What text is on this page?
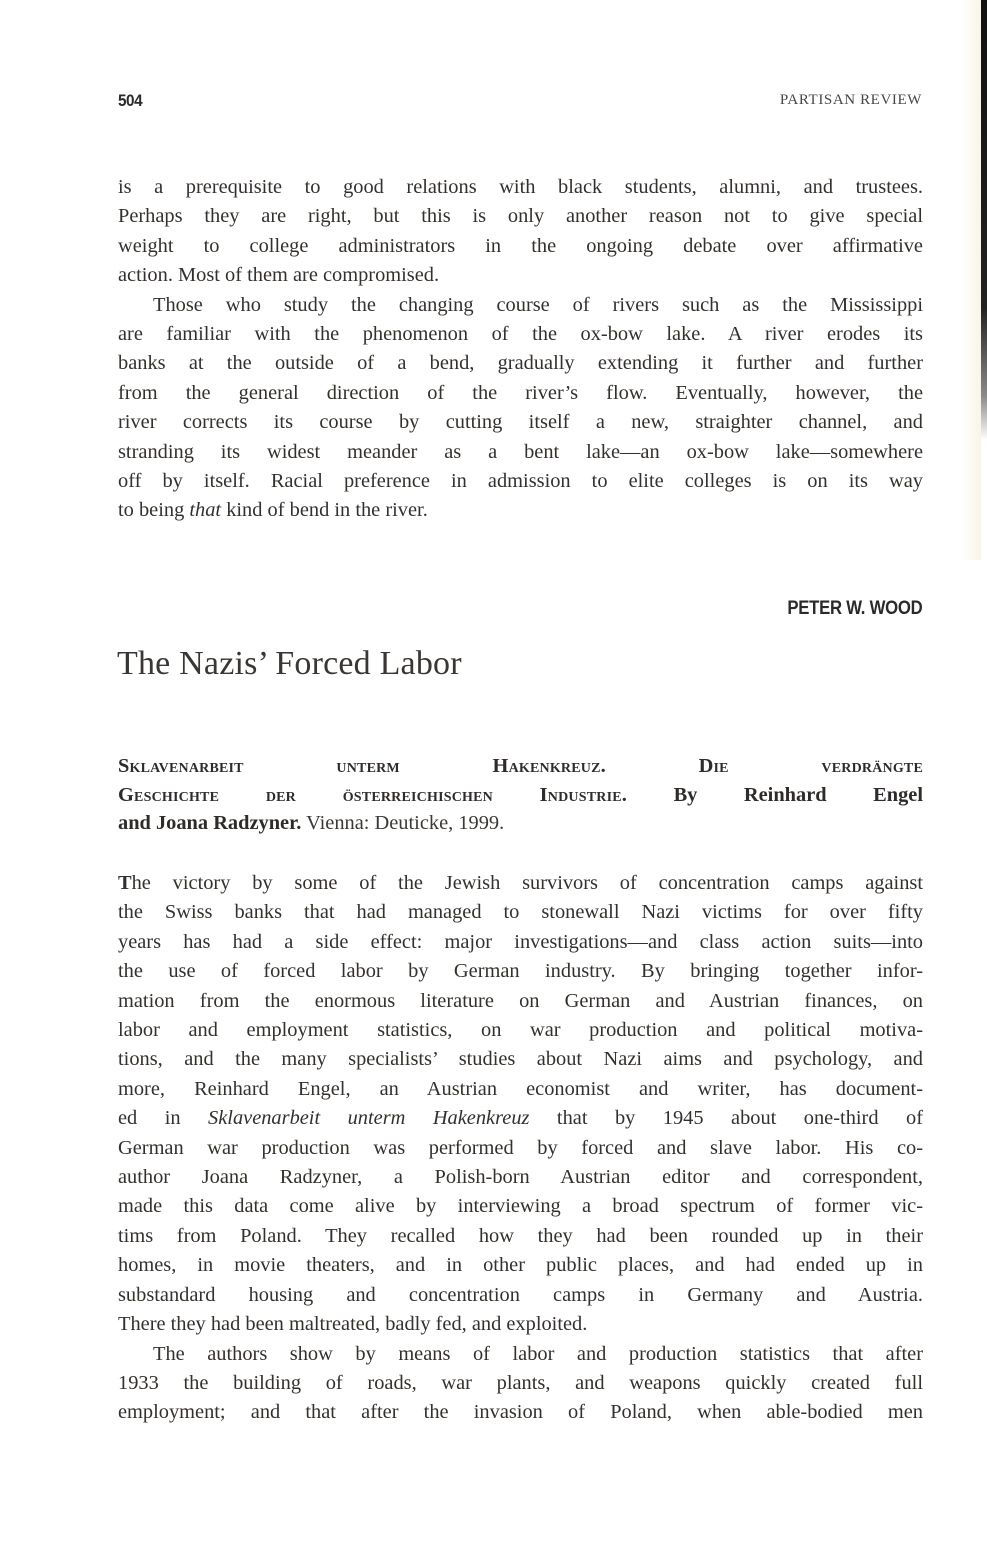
504	PARTISAN REVIEW

is a prerequisite to good relations with black students, alumni, and trustees.
Perhaps they are right, but this is only another reason not to give special
weight to college administrators in the ongoing debate over affirmative
action. Most of them are compromised.

Those who study the changing course of rivers such as the Mississippi
are familiar with the phenomenon of the ox-bow lake. A river erodes its
banks at the outside of a bend, gradually extending it further and further
from the general direction of the river’s flow. Eventually, however, the
river corrects its course by cutting itself a new, straighter channel, and
stranding its widest meander as a bent lake—an ox-bow lake—somewhere
off by itself. Racial preference in admission to elite colleges is on its way
to being that kind of bend in the river.

PETER W. WOOD
The Nazis’ Forced Labor
Sklavenarbeit	unterm	Hakenkreuz.	Die	verdrängte
Geschichte der österreichischen Industrie. By Reinhard Engel
and Joana Radzyner. Vienna: Deuticke, 1999.

The victory by some of the Jewish survivors of concentration camps against
the Swiss banks that had managed to stonewall Nazi victims for over fifty
years has had a side effect: major investigations—and class action suits—into
the use of forced labor by German industry. By bringing together infor-
mation from the enormous literature on German and Austrian finances, on
labor and employment statistics, on war production and political motiva-
tions, and the many specialists’ studies about Nazi aims and psychology, and
more, Reinhard Engel, an Austrian economist and writer, has document-
ed in Sklavenarbeit unterm Hakenkreuz that by 1945 about one-third of
German war production was performed by forced and slave labor. His co-
author Joana Radzyner, a Polish-born Austrian editor and correspondent,
made this data come alive by interviewing a broad spectrum of former vic-
tims from Poland. They recalled how they had been rounded up in their
homes, in movie theaters, and in other public places, and had ended up in
substandard housing and concentration camps in Germany and Austria.
There they had been maltreated, badly fed, and exploited.

The authors show by means of labor and production statistics that after
1933 the building of roads, war plants, and weapons quickly created full
employment; and that after the invasion of Poland, when able-bodied men
